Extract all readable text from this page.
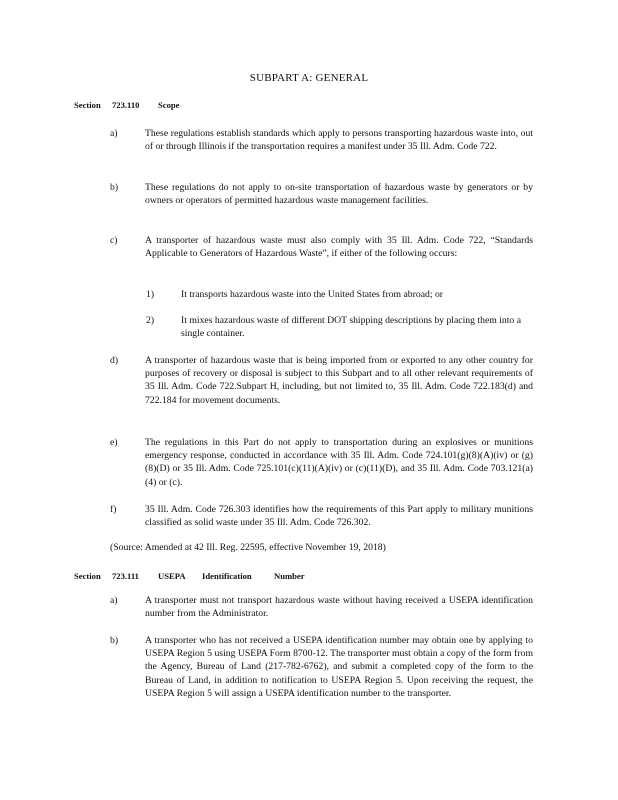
SUBPART A: GENERAL
Section 723.110 Scope
a)	These regulations establish standards which apply to persons transporting hazardous waste into, out of or through Illinois if the transportation requires a manifest under 35 Ill. Adm. Code 722.
b)	These regulations do not apply to on-site transportation of hazardous waste by generators or by owners or operators of permitted hazardous waste management facilities.
c)	A transporter of hazardous waste must also comply with 35 Ill. Adm. Code 722, “Standards Applicable to Generators of Hazardous Waste”, if either of the following occurs:
1)	It transports hazardous waste into the United States from abroad; or
2)	It mixes hazardous waste of different DOT shipping descriptions by placing them into a single container.
d)	A transporter of hazardous waste that is being imported from or exported to any other country for purposes of recovery or disposal is subject to this Subpart and to all other relevant requirements of 35 Ill. Adm. Code 722.Subpart H, including, but not limited to, 35 Ill. Adm. Code 722.183(d) and 722.184 for movement documents.
e)	The regulations in this Part do not apply to transportation during an explosives or munitions emergency response, conducted in accordance with 35 Ill. Adm. Code 724.101(g)(8)(A)(iv) or (g)(8)(D) or 35 Ill. Adm. Code 725.101(c)(11)(A)(iv) or (c)(11)(D), and 35 Ill. Adm. Code 703.121(a)(4) or (c).
f)	35 Ill. Adm. Code 726.303 identifies how the requirements of this Part apply to military munitions classified as solid waste under 35 Ill. Adm. Code 726.302.
(Source: Amended at 42 Ill. Reg. 22595, effective November 19, 2018)
Section 723.111 USEPA Identification	Number
a)	A transporter must not transport hazardous waste without having received a USEPA identification number from the Administrator.
b)	A transporter who has not received a USEPA identification number may obtain one by applying to USEPA Region 5 using USEPA Form 8700-12. The transporter must obtain a copy of the form from the Agency, Bureau of Land (217-782-6762), and submit a completed copy of the form to the Bureau of Land, in addition to notification to USEPA Region 5. Upon receiving the request, the USEPA Region 5 will assign a USEPA identification number to the transporter.
